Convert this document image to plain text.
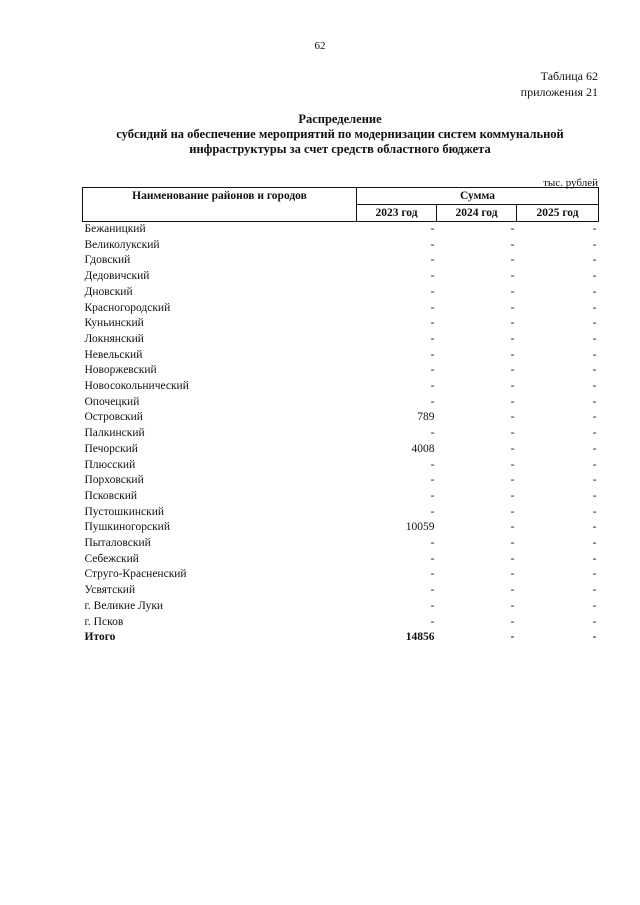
62
Таблица 62
приложения 21
Распределение
субсидий на обеспечение мероприятий по модернизации систем коммунальной
инфраструктуры за счет средств областного бюджета
тыс. рублей
Наименование районов и городов	Сумма		
	2023 год	2024 год	2025 год
Бежаницкий	-	-	-
Великолукский	-	-	-
Гдовский	-	-	-
Дедовичский	-	-	-
Дновский	-	-	-
Красногородский	-	-	-
Куньинский	-	-	-
Локнянский	-	-	-
Невельский	-	-	-
Новоржевский	-	-	-
Новосокольнический	-	-	-
Опочецкий	-	-	-
Островский	789	-	-
Палкинский	-	-	-
Печорский	4008	-	-
Плюсский	-	-	-
Порховский	-	-	-
Псковский	-	-	-
Пустошкинский	-	-	-
Пушкиногорский	10059	-	-
Пыталовский	-	-	-
Себежский	-	-	-
Струго-Красненский	-	-	-
Усвятский	-	-	-
г. Великие Луки	-	-	-
г. Псков	-	-	-
Итого	14856	-	-
